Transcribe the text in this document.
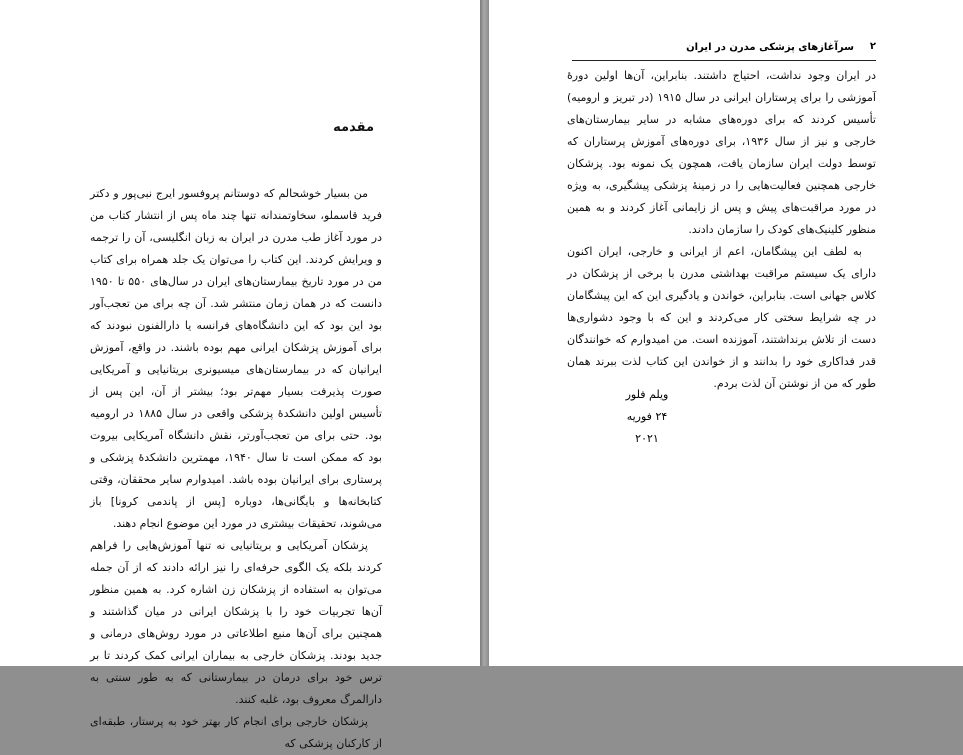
مقدمه

من بسیار خوشحالم که دوستانم پروفسور ایرج نبی‌پور و دکتر فرید قاسملو، سخاوتمندانه تنها چند ماه پس از انتشار کتاب من در مورد آغاز طب مدرن در ایران به زبان انگلیسی، آن را ترجمه و ویرایش کردند. این کتاب را می‌توان یک جلد همراه برای کتاب من در مورد تاریخ بیمارستان‌های ایران در سال‌های ۵۵۰ تا ۱۹۵۰ دانست که در همان زمان منتشر شد. آن چه برای من تعجب‌آور بود این بود که این دانشگاه‌های فرانسه یا دارالفنون نبودند که برای آموزش پزشکان ایرانی مهم بوده باشند. در واقع، آموزش ایرانیان که در بیمارستان‌های میسیونری بریتانیایی و آمریکایی صورت پذیرفت بسیار مهم‌تر بود؛ بیشتر از آن، این پس از تأسیس اولین دانشکدهٔ پزشکی واقعی در سال ۱۸۸۵ در ارومیه بود. حتی برای من تعجب‌آورتر، نقش دانشگاه آمریکایی بیروت بود که ممکن است تا سال ۱۹۴۰، مهمترین دانشکدهٔ پزشکی و پرستاری برای ایرانیان بوده باشد. امیدوارم سایر محققان، وقتی کتابخانه‌ها و بایگانی‌ها، دوباره [پس از پاندمی کرونا] باز می‌شوند، تحقیقات بیشتری در مورد این موضوع انجام دهند.

پزشکان آمریکایی و بریتانیایی نه تنها آموزش‌هایی را فراهم کردند بلکه یک الگوی حرفه‌ای را نیز ارائه دادند که از آن جمله می‌توان به استفاده از پزشکان زن اشاره کرد. به همین منظور آن‌ها تجربیات خود را با پزشکان ایرانی در میان گذاشتند و همچنین برای آن‌ها منبع اطلاعاتی در مورد روش‌های درمانی و جدید بودند. پزشکان خارجی به بیماران ایرانی کمک کردند تا بر ترس خود برای درمان در بیمارستانی که به طور سنتی به دارالمرگ معروف بود، غلبه کنند.

پزشکان خارجی برای انجام کار بهتر خود به پرستار، طبقه‌ای از کارکنان پزشکی که

۲
سرآغازهای پزشکی مدرن در ایران

در ایران وجود نداشت، احتیاج داشتند. بنابراین، آن‌ها اولین دورهٔ آموزشی را برای پرستاران ایرانی در سال ۱۹۱۵ (در تبریز و ارومیه) تأسیس کردند که برای دوره‌های مشابه در سایر بیمارستان‌های خارجی و نیز از سال ۱۹۳۶، برای دوره‌های آموزش پرستاران که توسط دولت ایران سازمان یافت، همچون یک نمونه بود. پزشکان خارجی همچنین فعالیت‌هایی را در زمینهٔ پزشکی پیشگیری، به ویژه در مورد مراقبت‌های پیش و پس از زایمانی آغاز کردند و به همین منظور کلینیک‌های کودک را سازمان دادند.

به لطف این پیشگامان، اعم از ایرانی و خارجی، ایران اکنون دارای یک سیستم مراقبت بهداشتی مدرن با برخی از پزشکان در کلاس جهانی است. بنابراین، خواندن و یادگیری این که این پیشگامان در چه شرایط سختی کار می‌کردند و این که با وجود دشواری‌ها دست از تلاش برنداشتند، آموزنده است. من امیدوارم که خوانندگان قدر فداکاری خود را بدانند و از خواندن این کتاب لذت ببرند همان طور که من از نوشتن آن لذت بردم.

ویلم فلور
۲۴ فوریه ۲۰۲۱
